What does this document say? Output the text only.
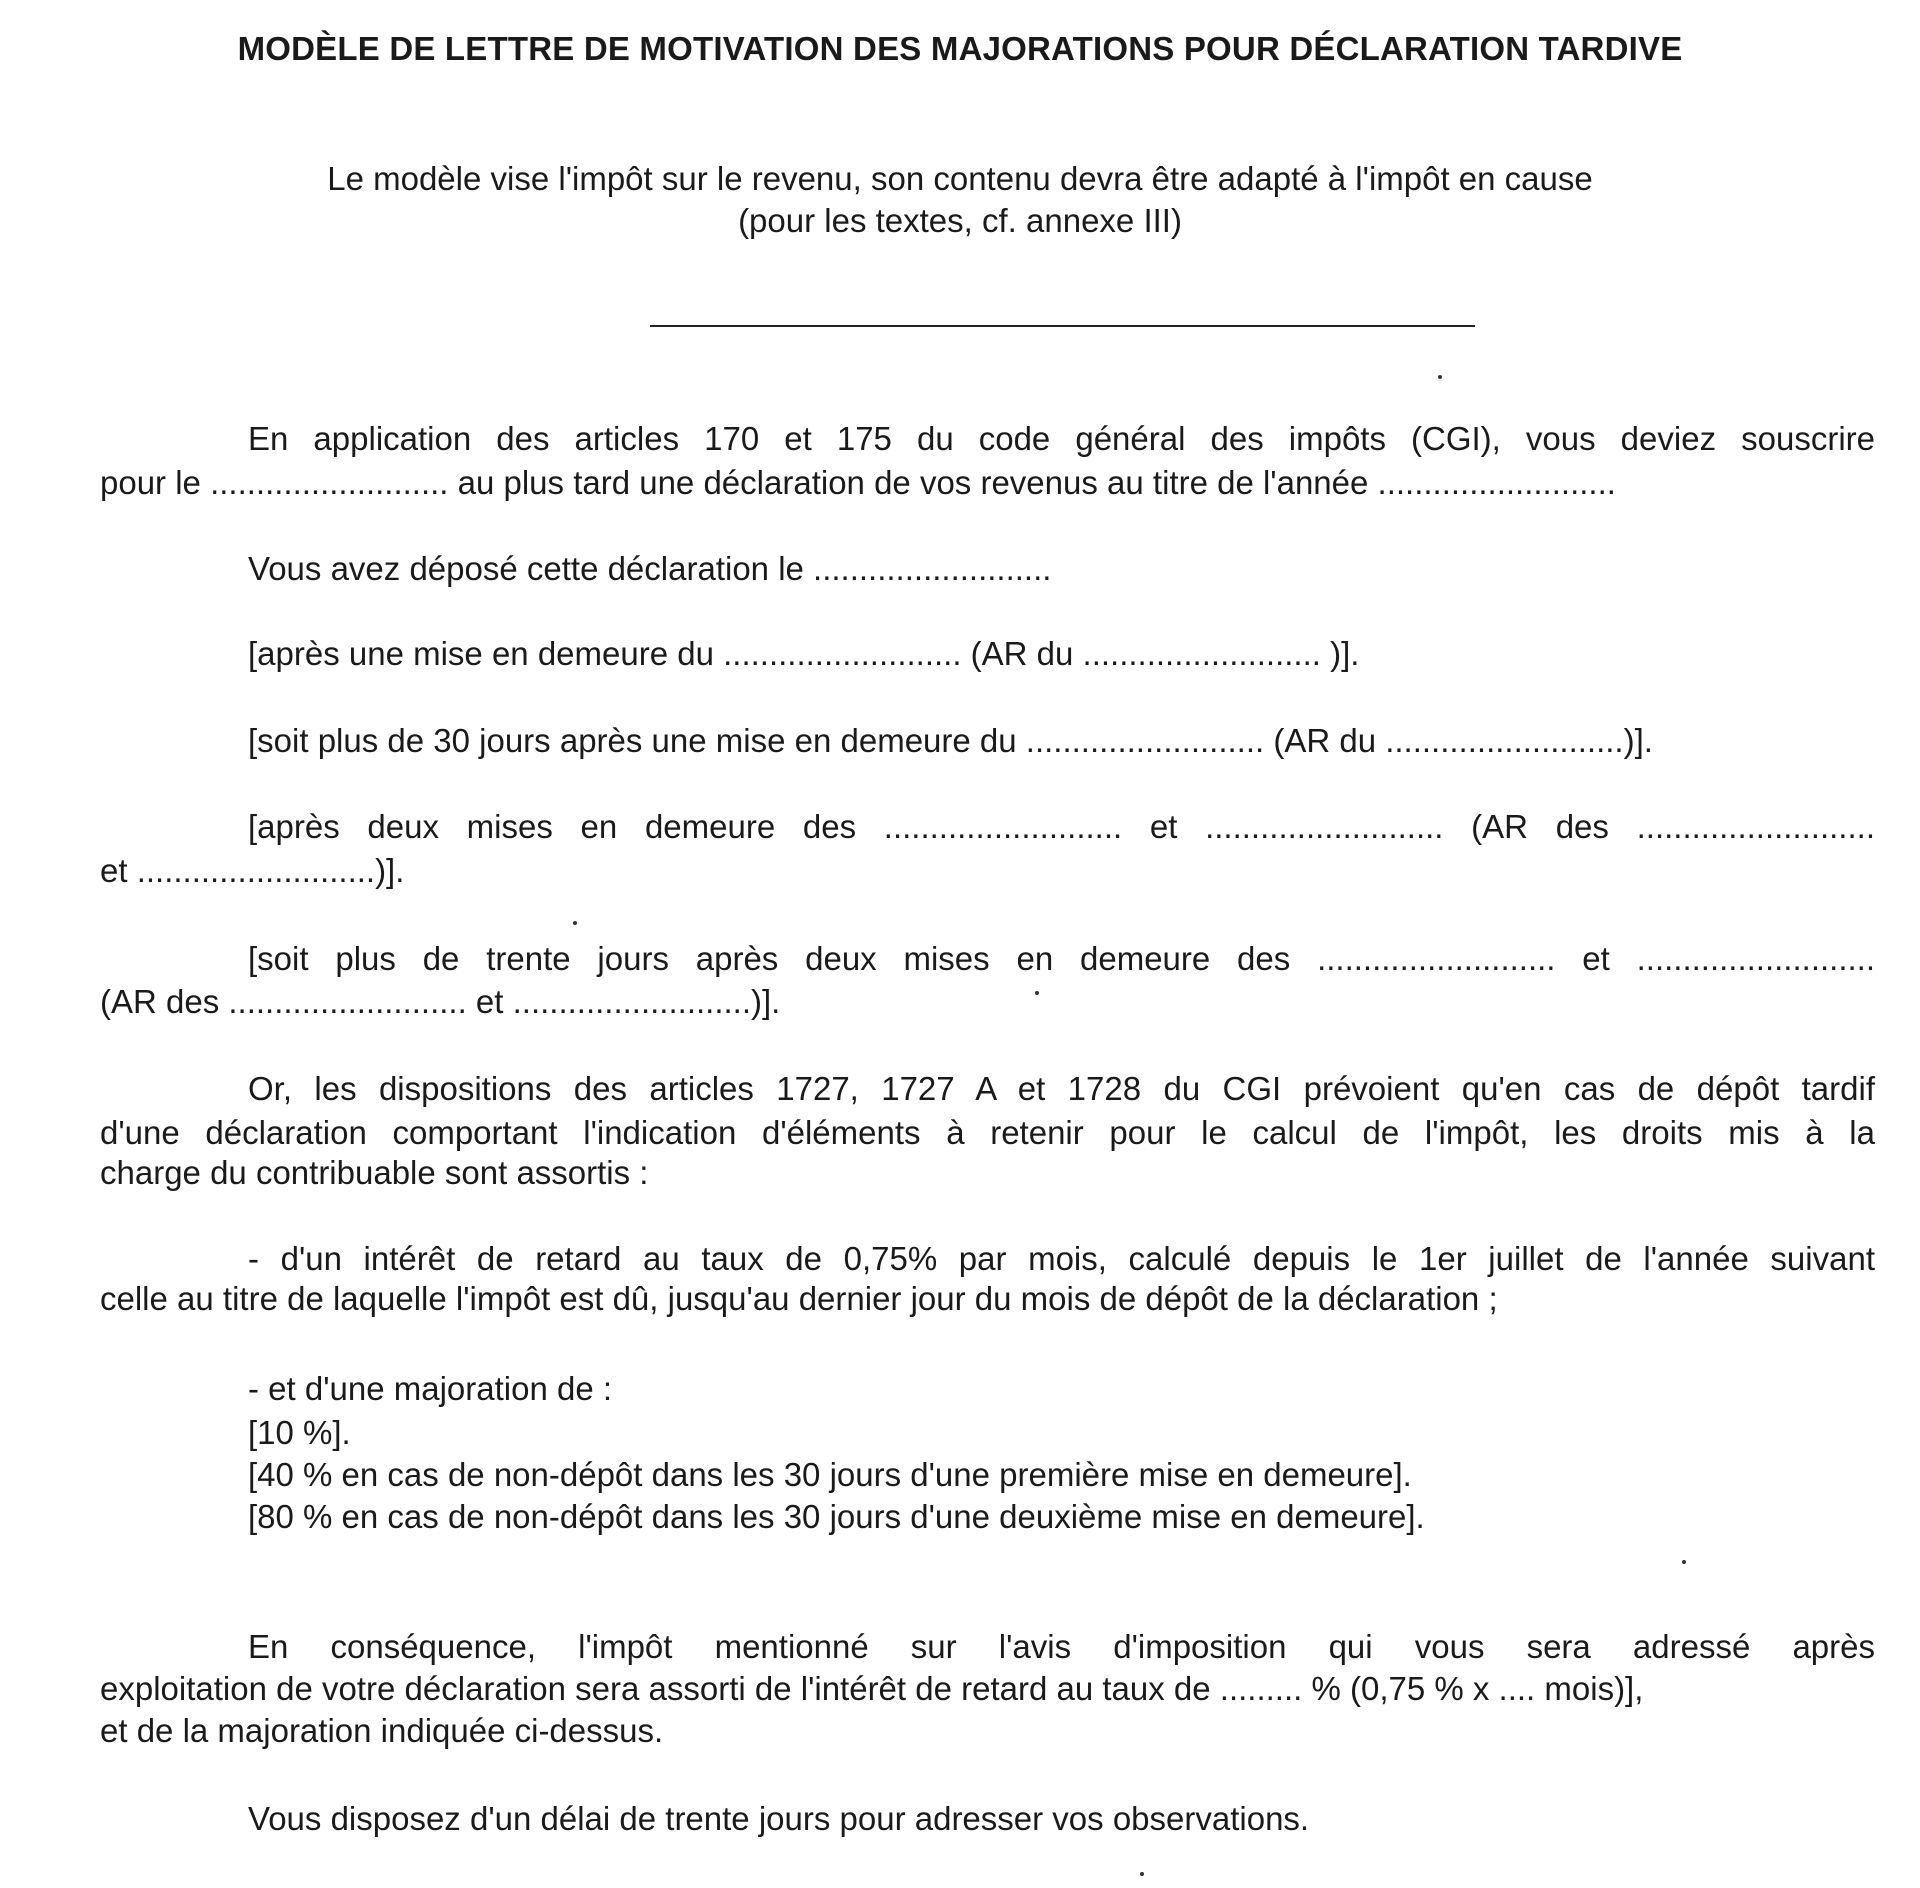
MODÈLE DE LETTRE DE MOTIVATION DES MAJORATIONS POUR DÉCLARATION TARDIVE
Le modèle vise l'impôt sur le revenu, son contenu devra être adapté à l'impôt en cause
(pour les textes, cf. annexe III)
En application des articles 170 et 175 du code général des impôts (CGI), vous deviez souscrire
pour le .......................... au plus tard une déclaration de vos revenus au titre de l'année ..........................
Vous avez déposé cette déclaration le ..........................
[après une mise en demeure du .......................... (AR du .......................... )].
[soit plus de 30 jours après une mise en demeure du .......................... (AR du ..........................)].
[après deux mises en demeure des .......................... et .......................... (AR des ..........................
et ..........................)].
[soit plus de trente jours après deux mises en demeure des .......................... et ..........................
(AR des .......................... et ..........................)].
Or, les dispositions des articles 1727, 1727 A et 1728 du CGI prévoient qu'en cas de dépôt tardif
d'une déclaration comportant l'indication d'éléments à retenir pour le calcul de l'impôt, les droits mis à la
charge du contribuable sont assortis :
- d'un intérêt de retard au taux de 0,75% par mois, calculé depuis le 1er juillet de l'année suivant
celle au titre de laquelle l'impôt est dû, jusqu'au dernier jour du mois de dépôt de la déclaration ;
- et d'une majoration de :
[10 %].
[40 % en cas de non-dépôt dans les 30 jours d'une première mise en demeure].
[80 % en cas de non-dépôt dans les 30 jours d'une deuxième mise en demeure].
En conséquence, l'impôt mentionné sur l'avis d'imposition qui vous sera adressé après
exploitation de votre déclaration sera assorti de l'intérêt de retard au taux de ......... % (0,75 % x .... mois)],
et de la majoration indiquée ci-dessus.
Vous disposez d'un délai de trente jours pour adresser vos observations.
